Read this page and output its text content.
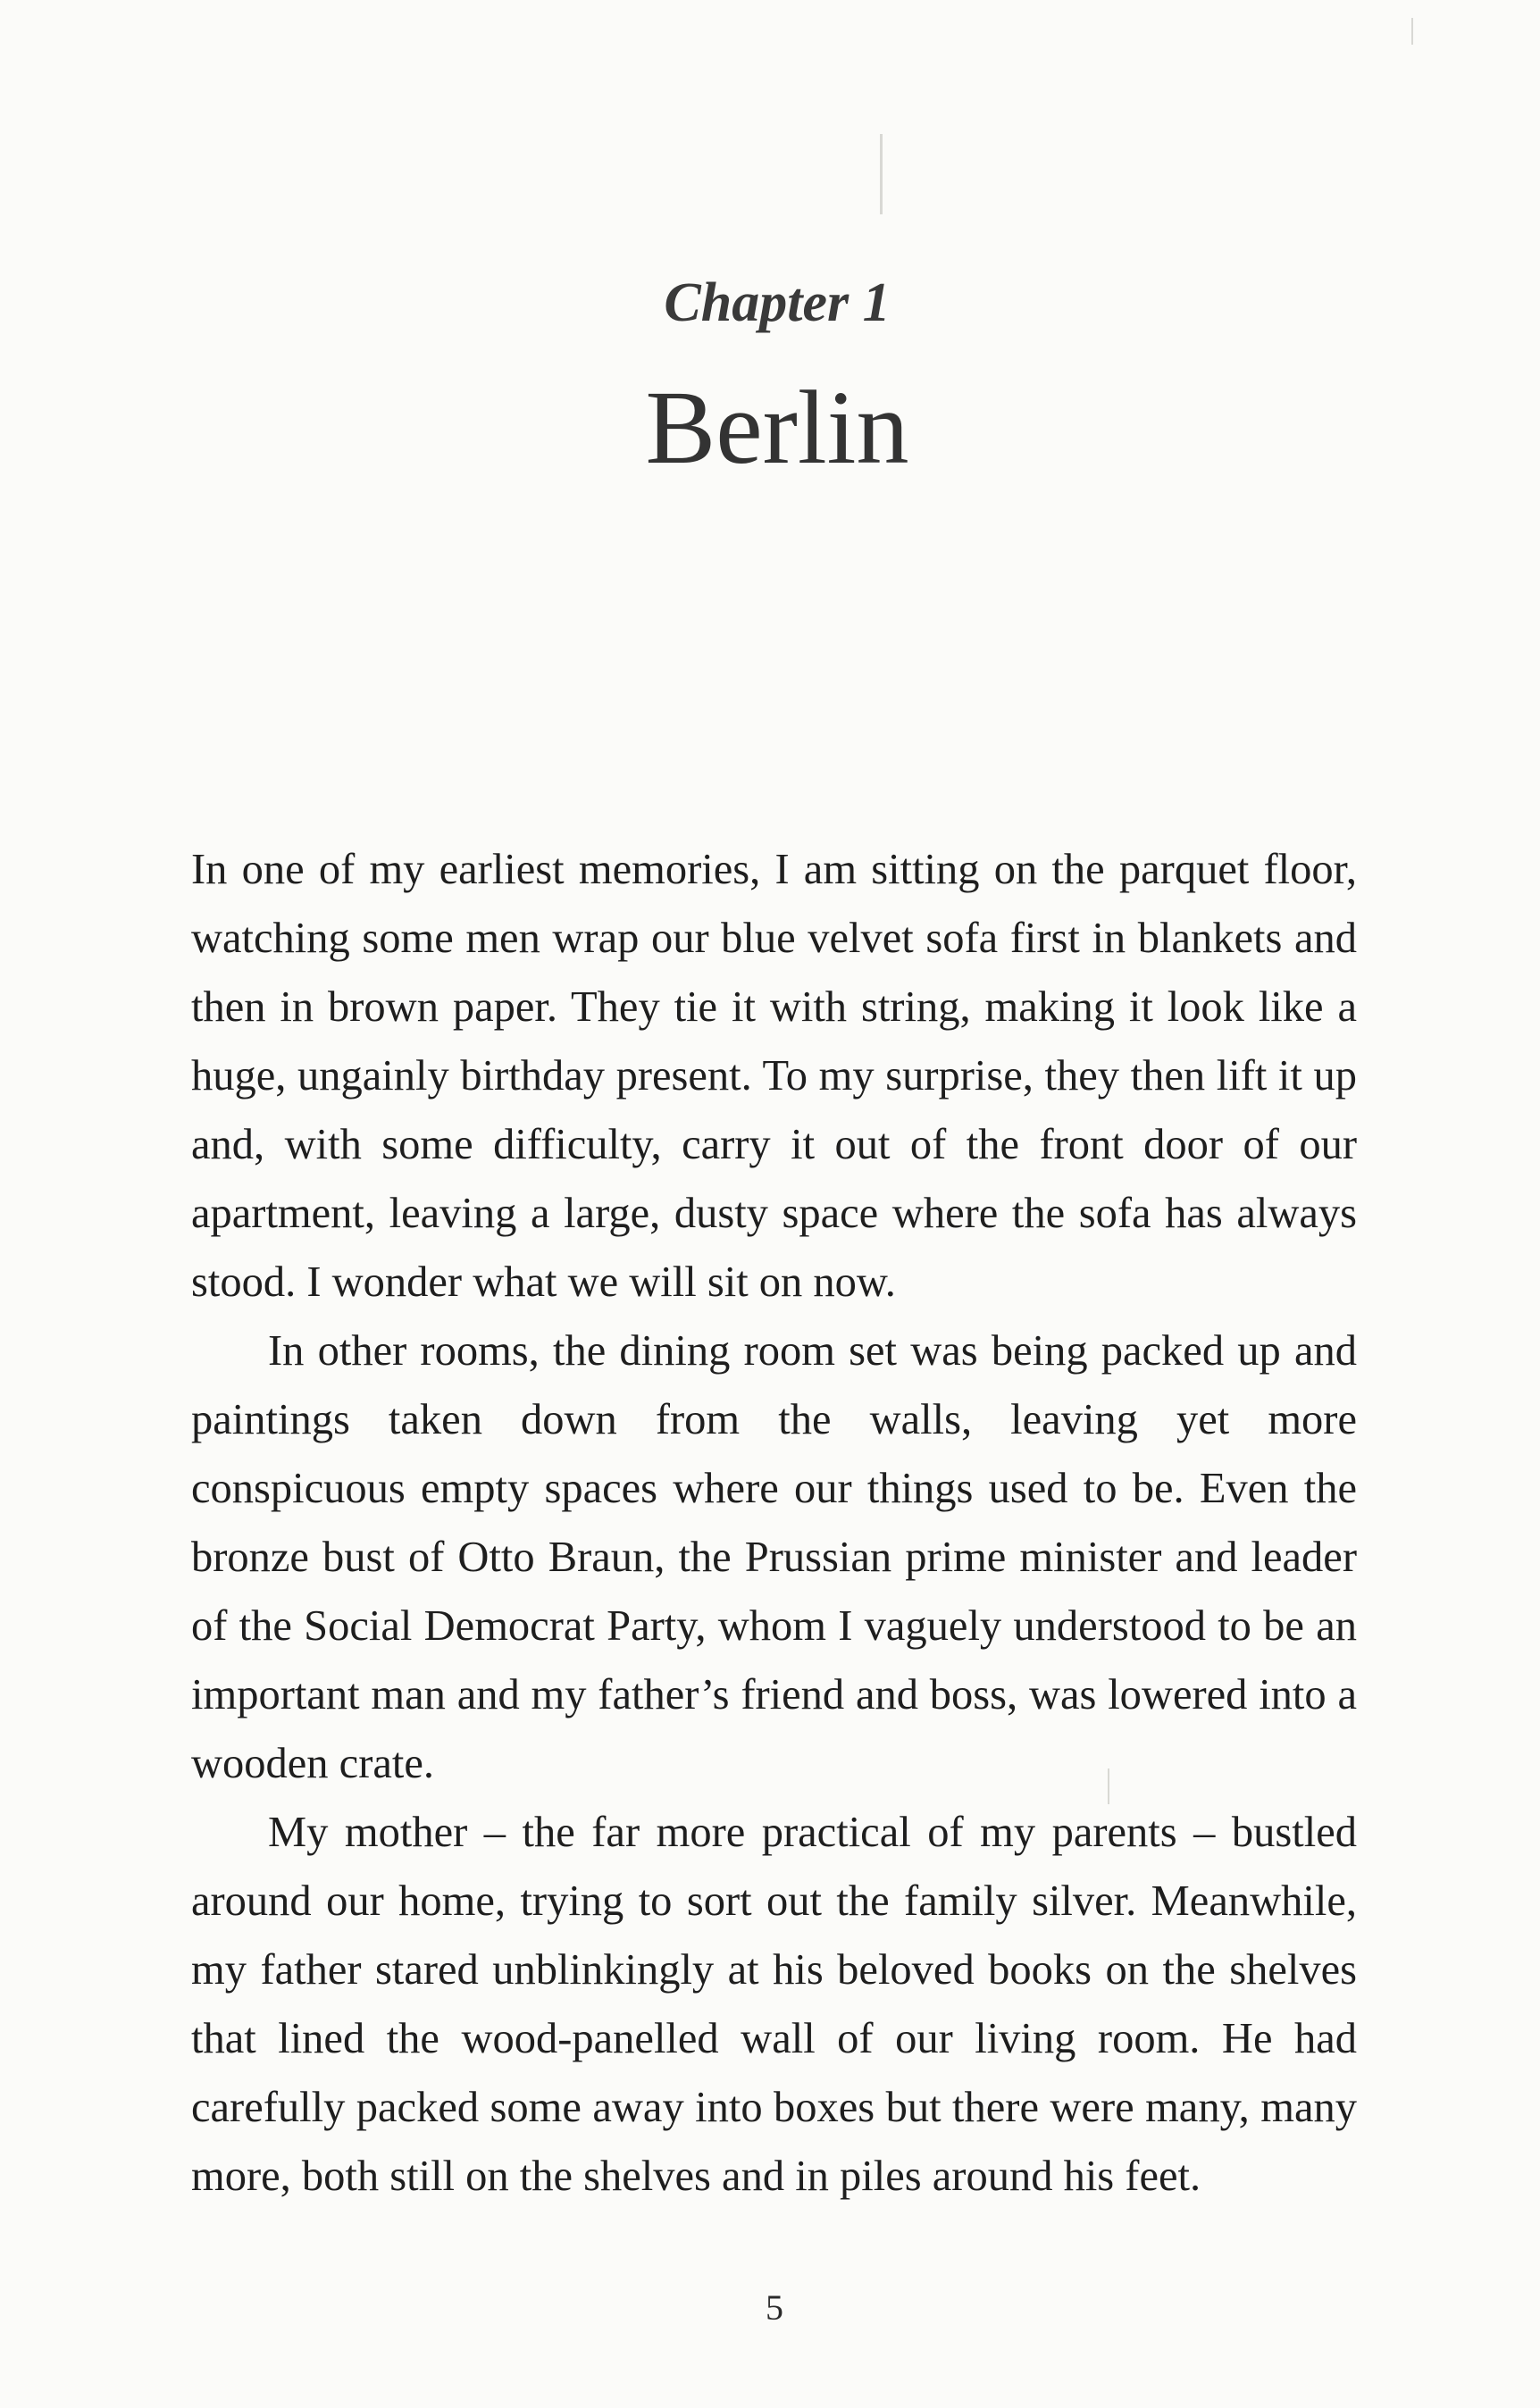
Chapter 1
Berlin

In one of my earliest memories, I am sitting on the parquet floor, watching some men wrap our blue velvet sofa first in blankets and then in brown paper. They tie it with string, making it look like a huge, ungainly birthday present. To my surprise, they then lift it up and, with some difficulty, carry it out of the front door of our apartment, leaving a large, dusty space where the sofa has always stood. I wonder what we will sit on now.

In other rooms, the dining room set was being packed up and paintings taken down from the walls, leaving yet more conspicuous empty spaces where our things used to be. Even the bronze bust of Otto Braun, the Prussian prime minister and leader of the Social Democrat Party, whom I vaguely understood to be an important man and my father’s friend and boss, was lowered into a wooden crate.

My mother – the far more practical of my parents – bustled around our home, trying to sort out the family silver. Meanwhile, my father stared unblinkingly at his beloved books on the shelves that lined the wood-panelled wall of our living room. He had carefully packed some away into boxes but there were many, many more, both still on the shelves and in piles around his feet.

5
